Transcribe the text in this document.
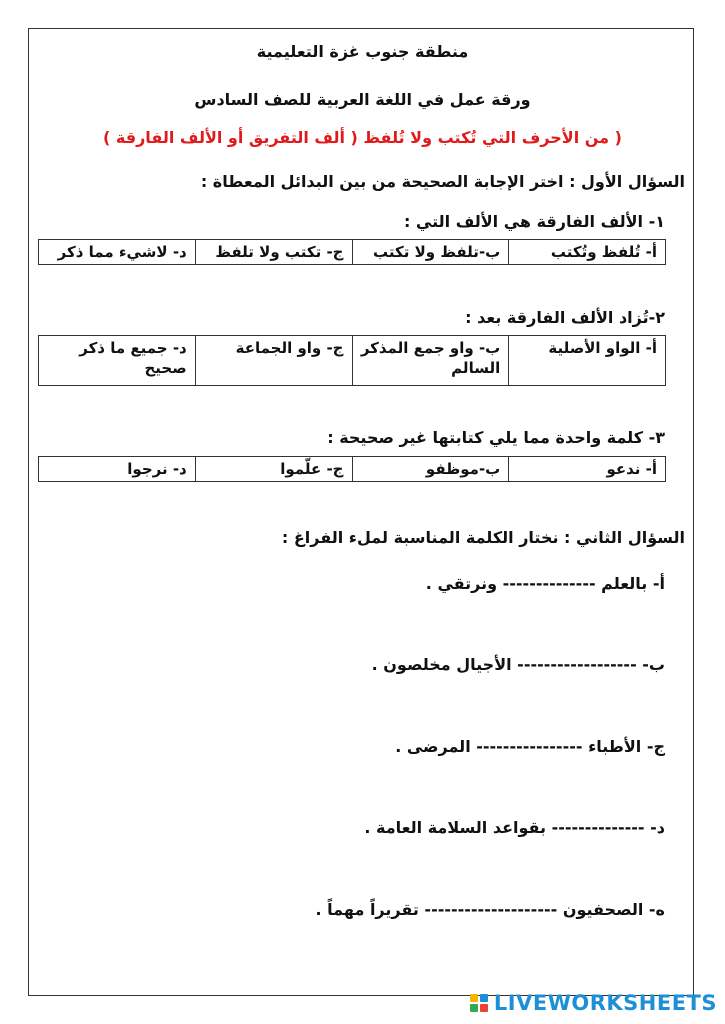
منطقة جنوب غزة التعليمية
ورقة عمل في اللغة العربية للصف السادس
( من الأحرف التي تُكتب ولا تُلفظ ( ألف التفريق أو الألف الفارقة )
السؤال الأول : اختر الإجابة الصحيحة من بين البدائل المعطاة :
١- الألف الفارقة هي الألف التي :
أ- تُلفظ وتُكتب	ب-تلفظ ولا تكتب	ج- تكتب ولا تلفظ	د- لاشيء مما ذكر
٢-تُزاد الألف الفارقة بعد :
أ- الواو الأصلية	ب- واو جمع المذكر السالم	ج- واو الجماعة	د- جميع ما ذكر صحيح
٣- كلمة واحدة مما يلي كتابتها غير صحيحة :
أ- ندعو	ب-موظفو	ج- علّموا	د- نرجوا
السؤال الثاني : نختار الكلمة المناسبة لملء الفراغ :
أ- بالعلم -------------- ونرتقي .
ب- ------------------ الأجيال مخلصون .
ج- الأطباء ---------------- المرضى .
د- -------------- بقواعد السلامة العامة .
ه- الصحفيون -------------------- تقريراً مهماً .
LIVEWORKSHEETS
